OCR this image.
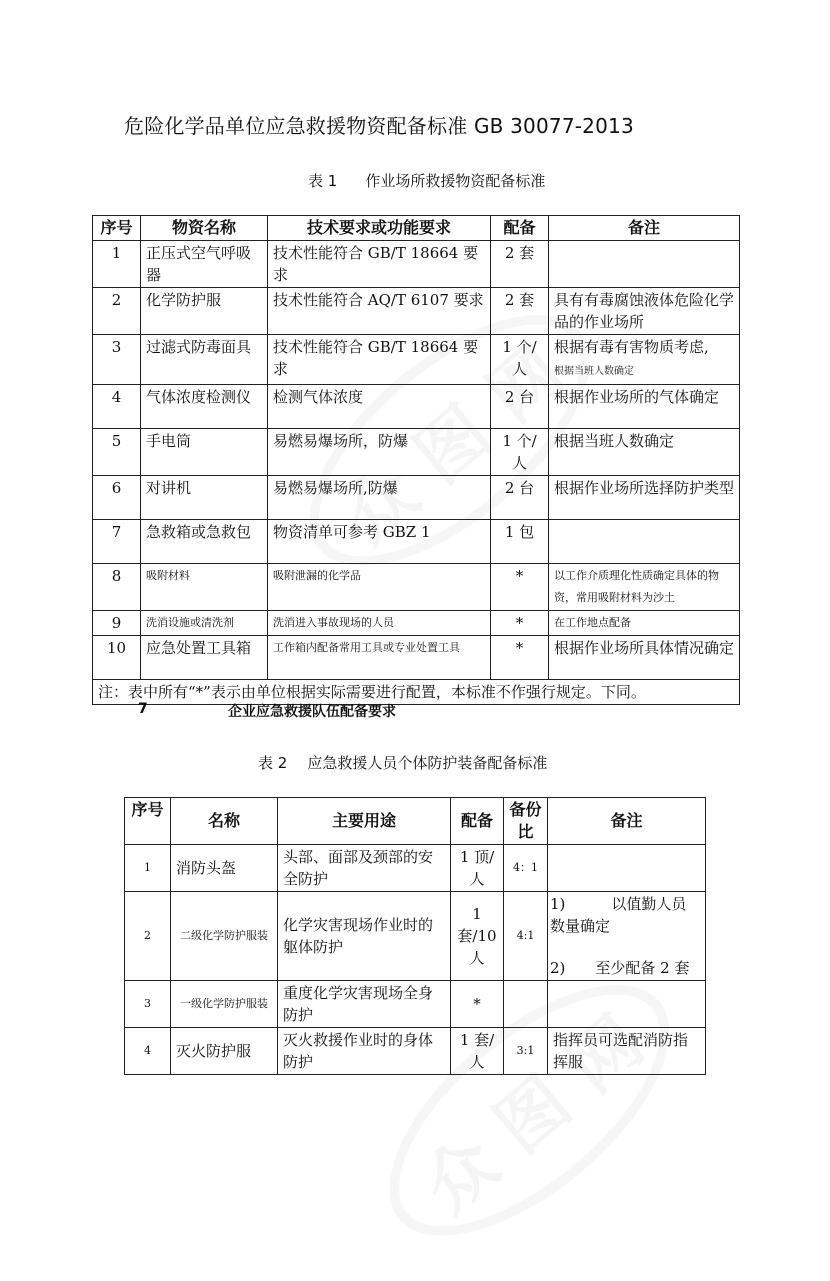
危险化学品单位应急救援物资配备标准 GB 30077-2013
表 1 作业场所救援物资配备标准
序号	物资名称	技术要求或功能要求	配备	备注
1	正压式空气呼吸器	技术性能符合 GB/T 18664 要求	2 套	
2	化学防护服	技术性能符合 AQ/T 6107 要求	2 套	具有有毒腐蚀液体危险化学品的作业场所
3	过滤式防毒面具	技术性能符合 GB/T 18664 要求	1 个/人	根据有毒有害物质考虑,
根据当班人数确定
4	气体浓度检测仪	检测气体浓度	2 台	根据作业场所的气体确定
5	手电筒	易燃易爆场所，防爆	1 个/人	根据当班人数确定
6	对讲机	易燃易爆场所,防爆	2 台	根据作业场所选择防护类型
7	急救箱或急救包	物资清单可参考 GBZ 1	1 包	
8	吸附材料	吸附泄漏的化学品	*	以工作介质理化性质确定具体的物资，常用吸附材料为沙土
9	洗消设施或清洗剂	洗消进入事故现场的人员	*	在工作地点配备
10	应急处置工具箱	工作箱内配备常用工具或专业处置工具	*	根据作业场所具体情况确定
注：表中所有“*”表示由单位根据实际需要进行配置，本标准不作强行规定。下同。				
7	企业应急救援队伍配备要求
表 2 应急救援人员个体防护装备配备标准
序号	名称	主要用途	配备	备份比	备注
1	消防头盔	头部、面部及颈部的安全防护	1 顶/人	4：1	
2	二级化学防护服装	化学灾害现场作业时的躯体防护	1 套/10 人	4:1	1) 以值勤人员数量确定
2) 至少配备 2 套

3	一级化学防护服装	重度化学灾害现场全身防护	*		
4	灭火防护服	灭火救援作业时的身体防护	1 套/人	3:1	指挥员可选配消防指挥服
